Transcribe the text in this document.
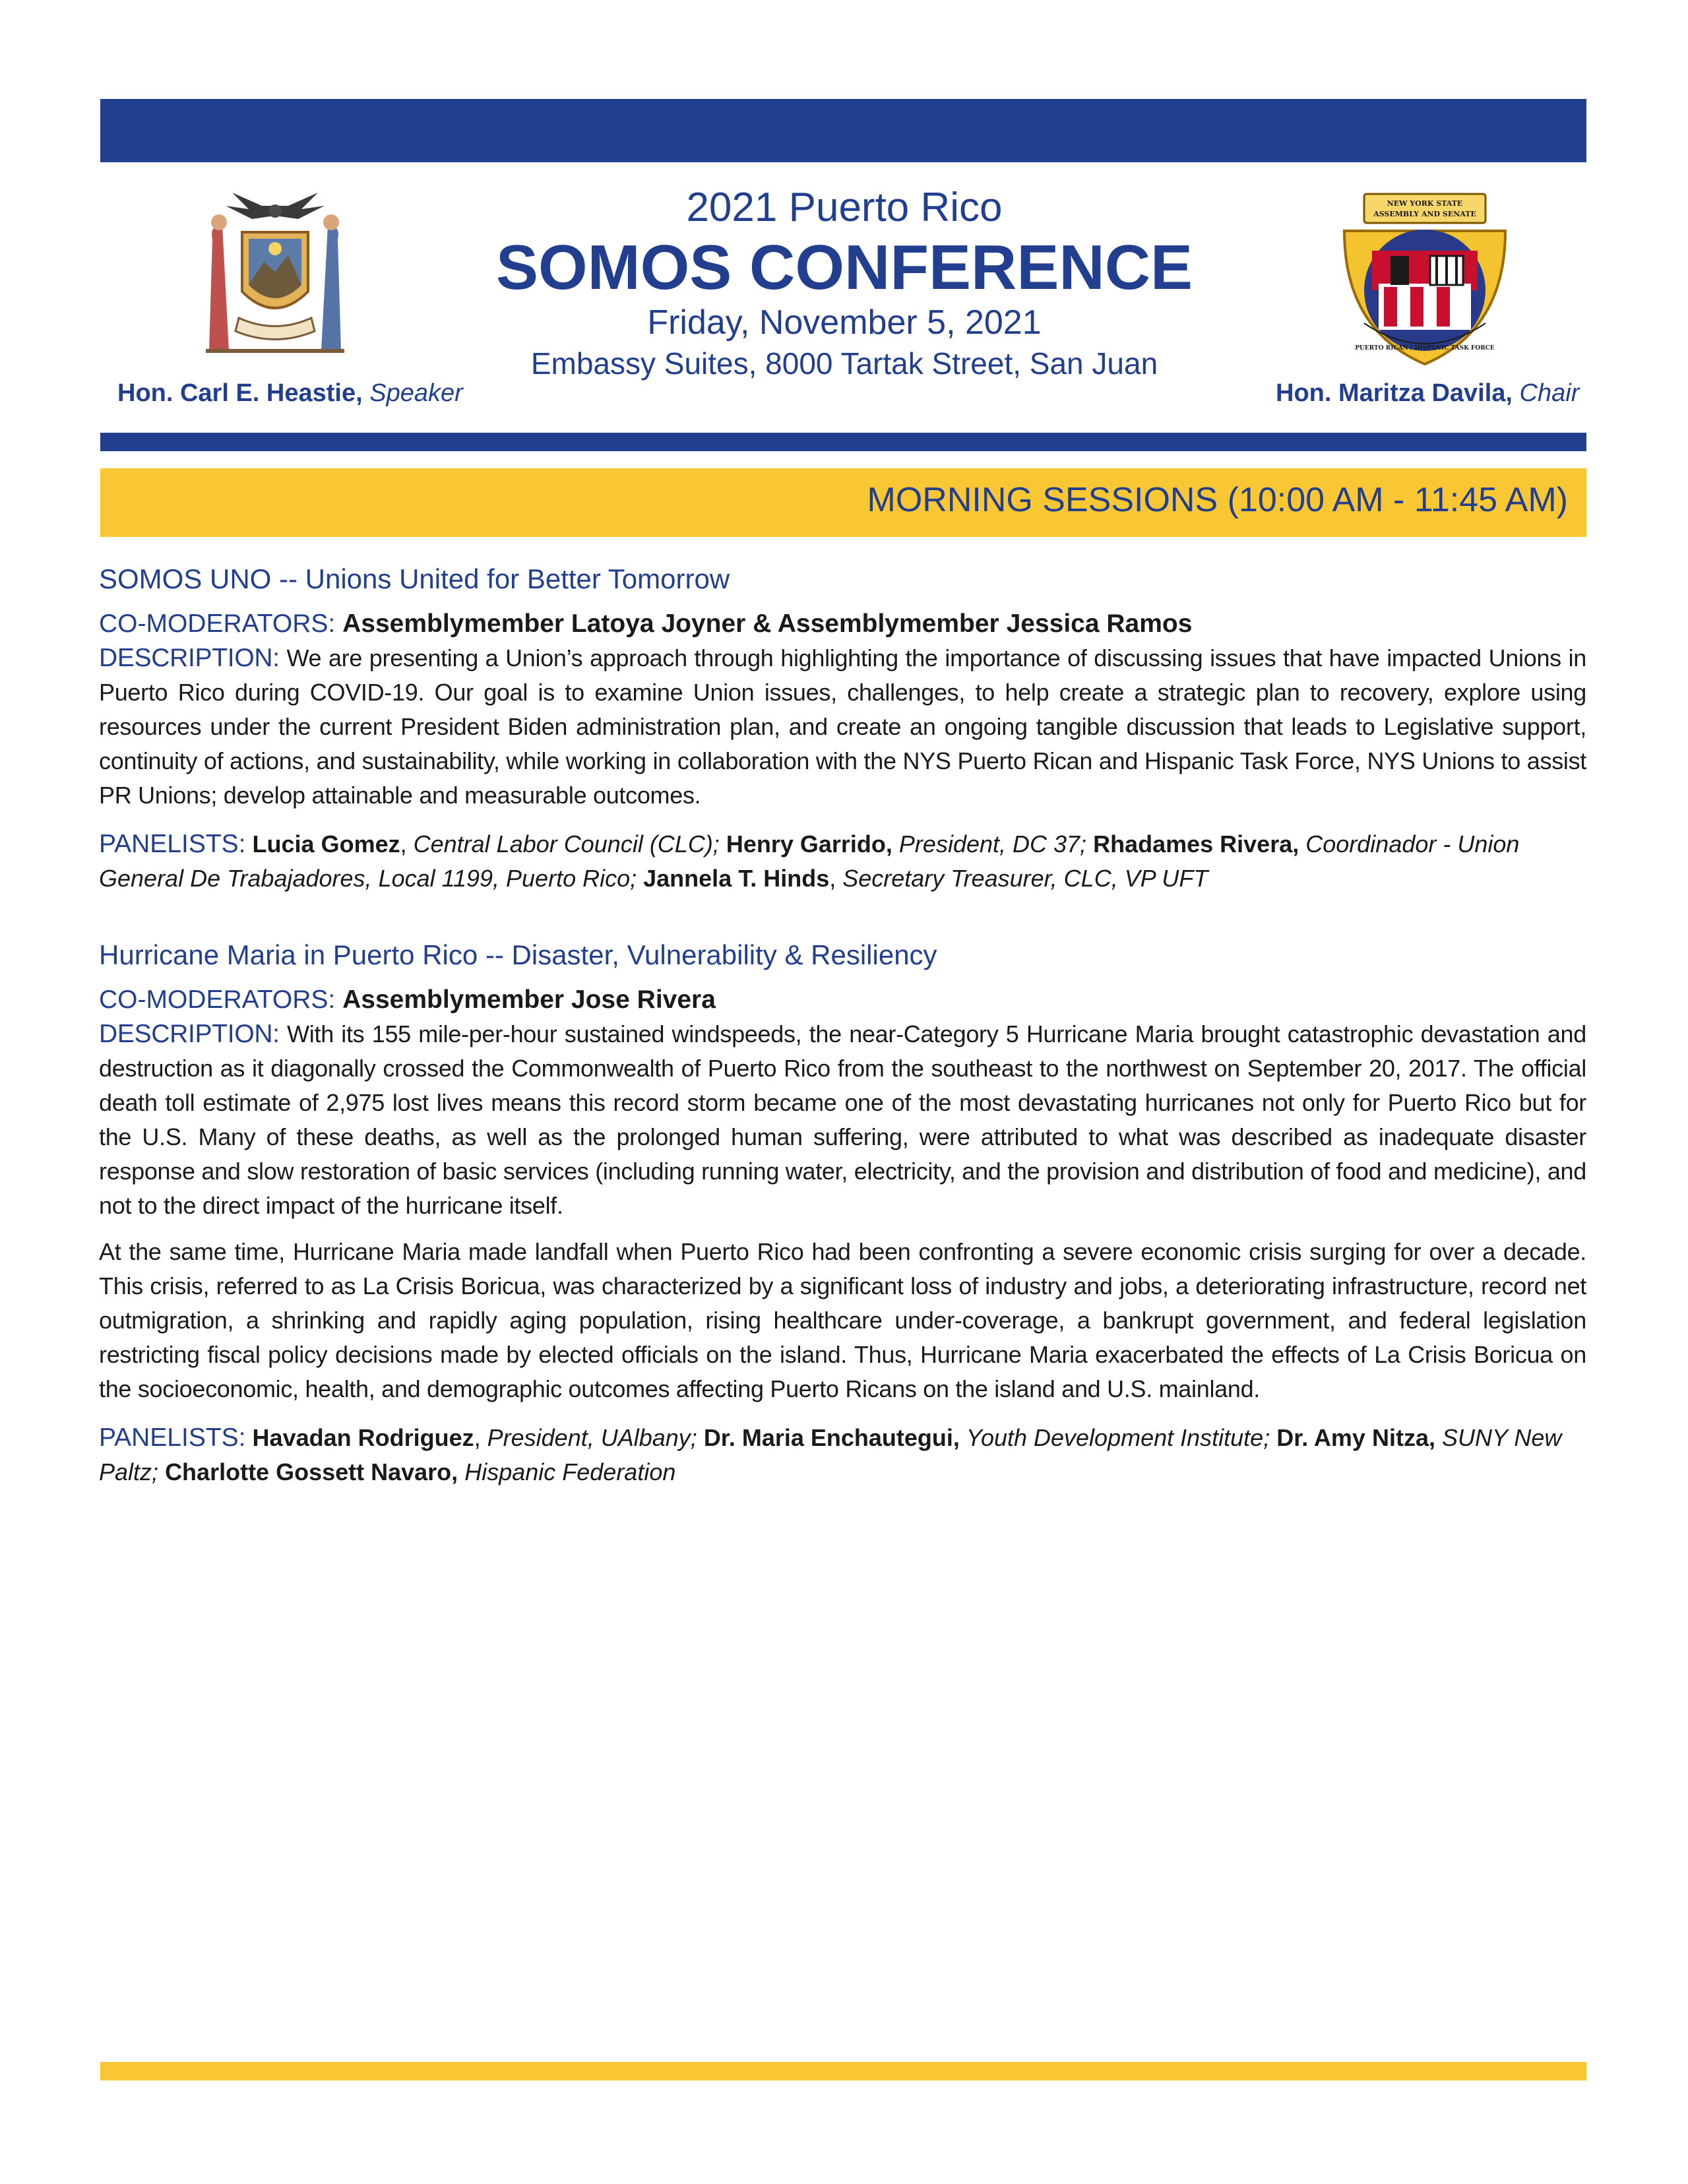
Hon. Carl E. Heastie, Speaker
2021 Puerto Rico
SOMOS CONFERENCE
Friday, November 5, 2021
Embassy Suites, 8000 Tartak Street, San Juan
NEW YORK STATE
ASSEMBLY AND SENATE
PUERTO RICAN / HISPANIC TASK FORCE
Hon. Maritza Davila, Chair
MORNING SESSIONS (10:00 AM - 11:45 AM)
SOMOS UNO -- Unions United for Better Tomorrow

CO-MODERATORS: Assemblymember Latoya Joyner & Assemblymember Jessica Ramos

DESCRIPTION: We are presenting a Union’s approach through highlighting the importance of discussing issues that have impacted Unions in Puerto Rico during COVID-19. Our goal is to examine Union issues, challenges, to help create a strategic plan to recovery, explore using resources under the current President Biden administration plan, and create an ongoing tangible discussion that leads to Legislative support, continuity of actions, and sustainability, while working in collaboration with the NYS Puerto Rican and Hispanic Task Force, NYS Unions to assist PR Unions; develop attainable and measurable outcomes.

PANELISTS: Lucia Gomez, Central Labor Council (CLC); Henry Garrido, President, DC 37; Rhadames Rivera, Coordinador - Union General De Trabajadores, Local 1199, Puerto Rico; Jannela T. Hinds, Secretary Treasurer, CLC, VP UFT

Hurricane Maria in Puerto Rico -- Disaster, Vulnerability & Resiliency

CO-MODERATORS: Assemblymember Jose Rivera

DESCRIPTION: With its 155 mile-per-hour sustained windspeeds, the near-Category 5 Hurricane Maria brought catastrophic devastation and destruction as it diagonally crossed the Commonwealth of Puerto Rico from the southeast to the northwest on September 20, 2017. The official death toll estimate of 2,975 lost lives means this record storm became one of the most devastating hurricanes not only for Puerto Rico but for the U.S. Many of these deaths, as well as the prolonged human suffering, were attributed to what was described as inadequate disaster response and slow restoration of basic services (including running water, electricity, and the provision and distribution of food and medicine), and not to the direct impact of the hurricane itself.

At the same time, Hurricane Maria made landfall when Puerto Rico had been confronting a severe economic crisis surging for over a decade. This crisis, referred to as La Crisis Boricua, was characterized by a significant loss of industry and jobs, a deteriorating infrastructure, record net outmigration, a shrinking and rapidly aging population, rising healthcare under-coverage, a bankrupt government, and federal legislation restricting fiscal policy decisions made by elected officials on the island. Thus, Hurricane Maria exacerbated the effects of La Crisis Boricua on the socioeconomic, health, and demographic outcomes affecting Puerto Ricans on the island and U.S. mainland.

PANELISTS: Havadan Rodriguez, President, UAlbany; Dr. Maria Enchautegui, Youth Development Institute; Dr. Amy Nitza, SUNY New Paltz; Charlotte Gossett Navaro, Hispanic Federation
